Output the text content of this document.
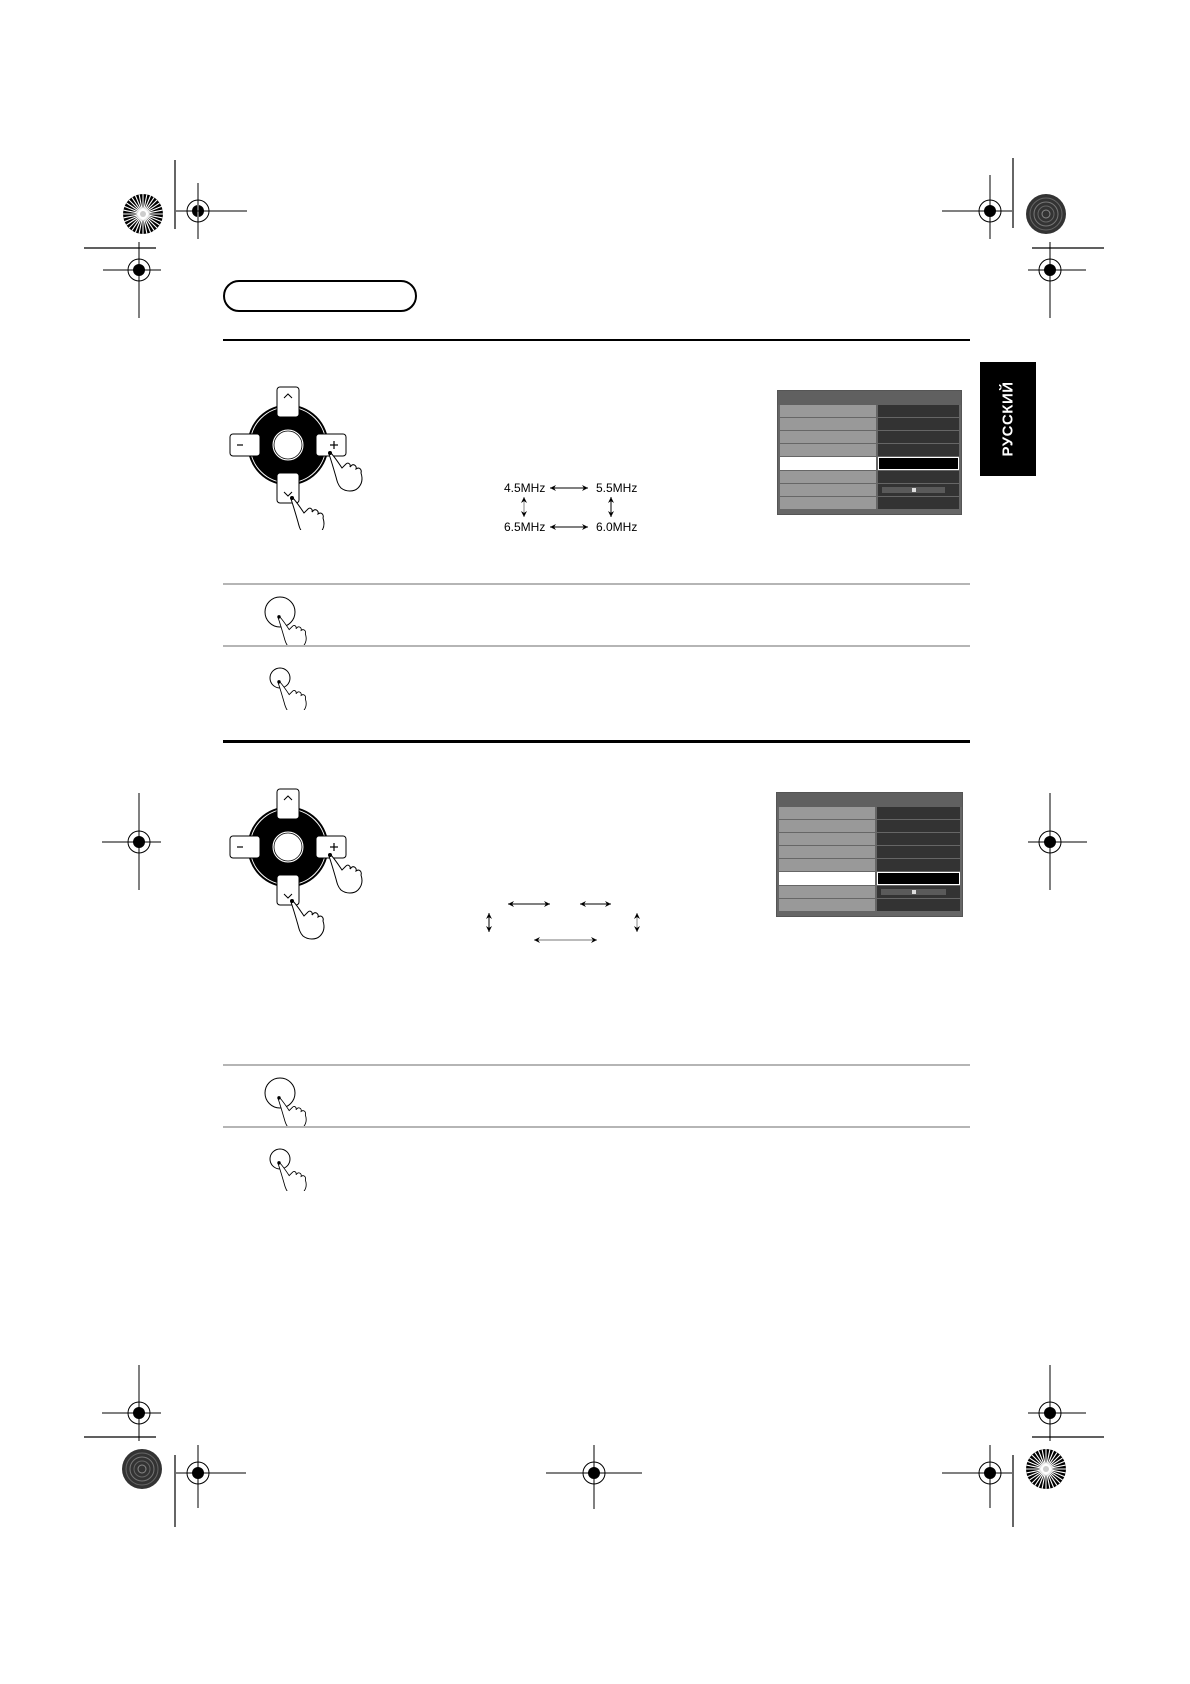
РУССКИЙ
4.5MHz	5.5MHz
6.0MHz
6.5MHz
